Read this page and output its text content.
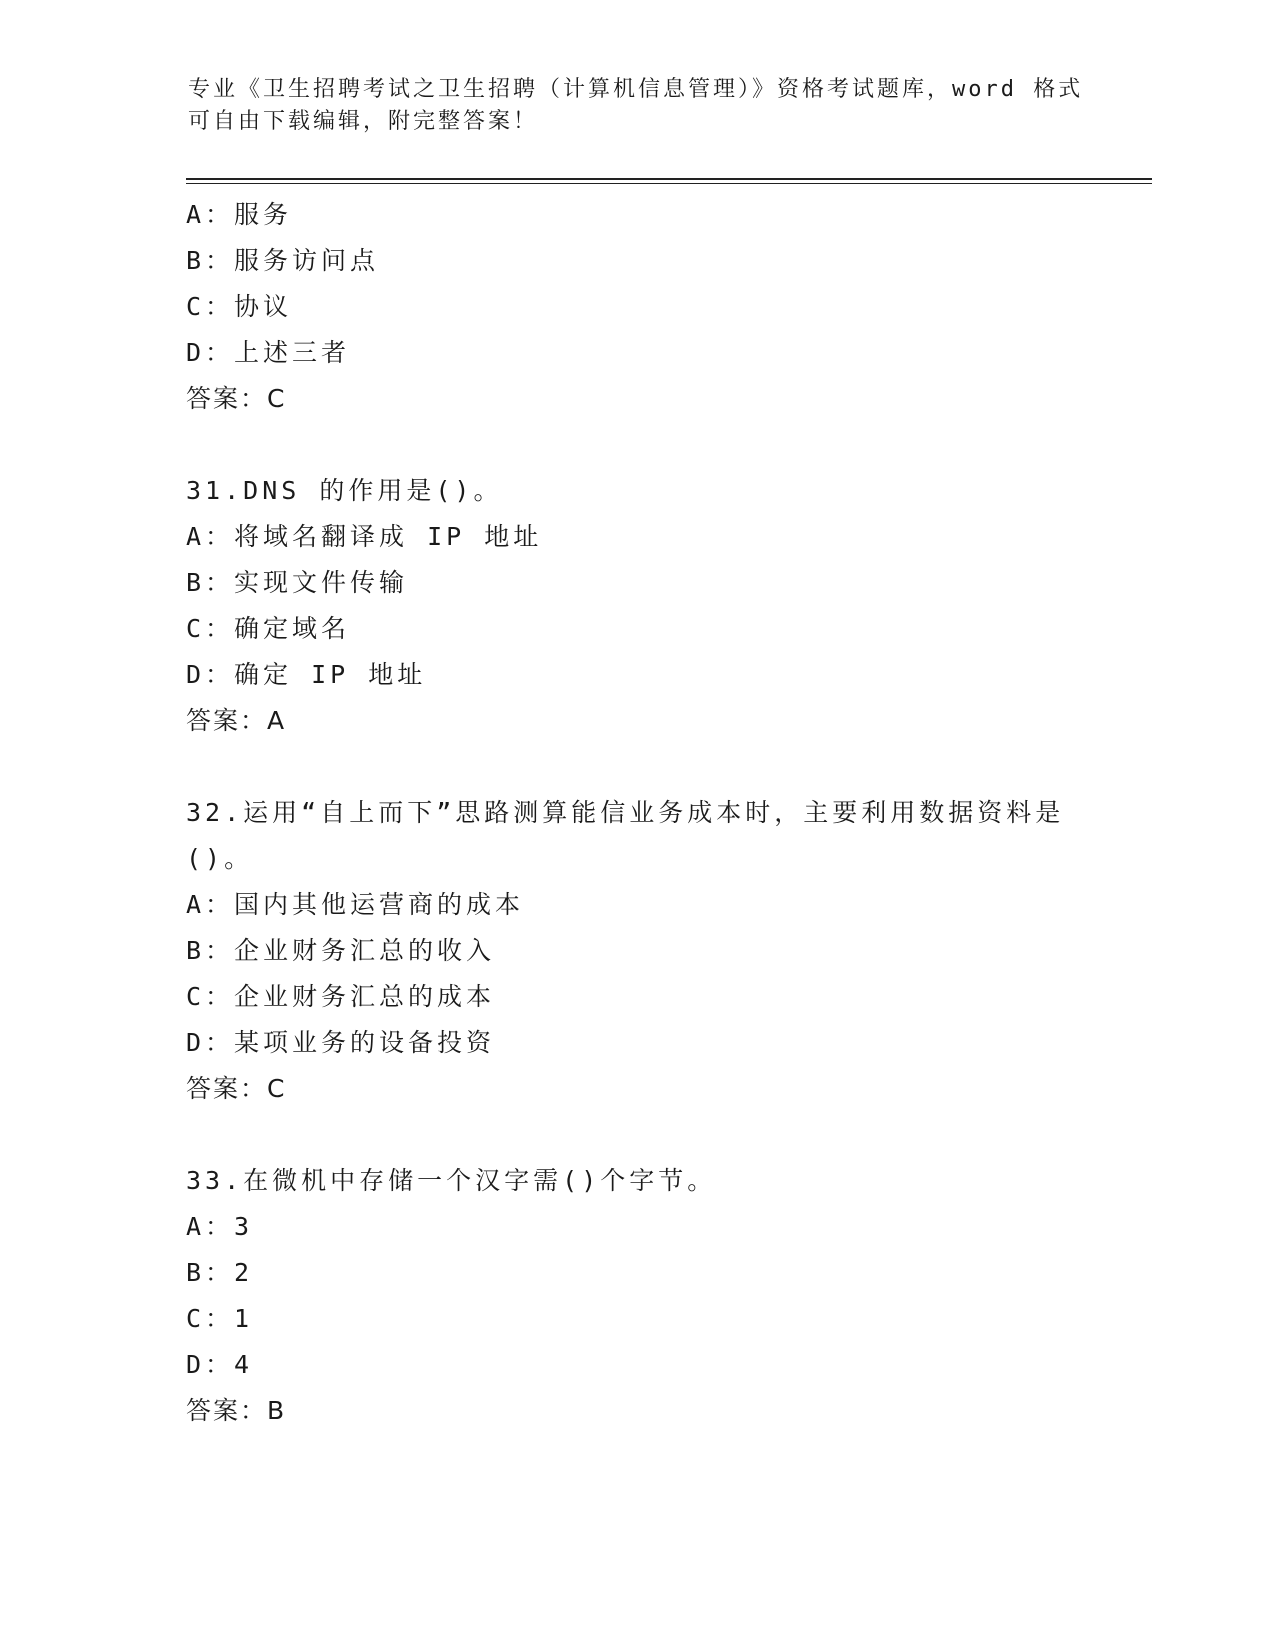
专业《卫生招聘考试之卫生招聘（计算机信息管理）》资格考试题库，word 格式
可自由下载编辑，附完整答案！
A：服务
B：服务访问点
C：协议
D：上述三者
答案：C
31.DNS 的作用是()。
A：将域名翻译成 IP 地址
B：实现文件传输
C：确定域名
D：确定 IP 地址
答案：A
32.运用“自上而下”思路测算能信业务成本时，主要利用数据资料是
()。
A：国内其他运营商的成本
B：企业财务汇总的收入
C：企业财务汇总的成本
D：某项业务的设备投资
答案：C
33.在微机中存储一个汉字需()个字节。
A：3
B：2
C：1
D：4
答案：B
